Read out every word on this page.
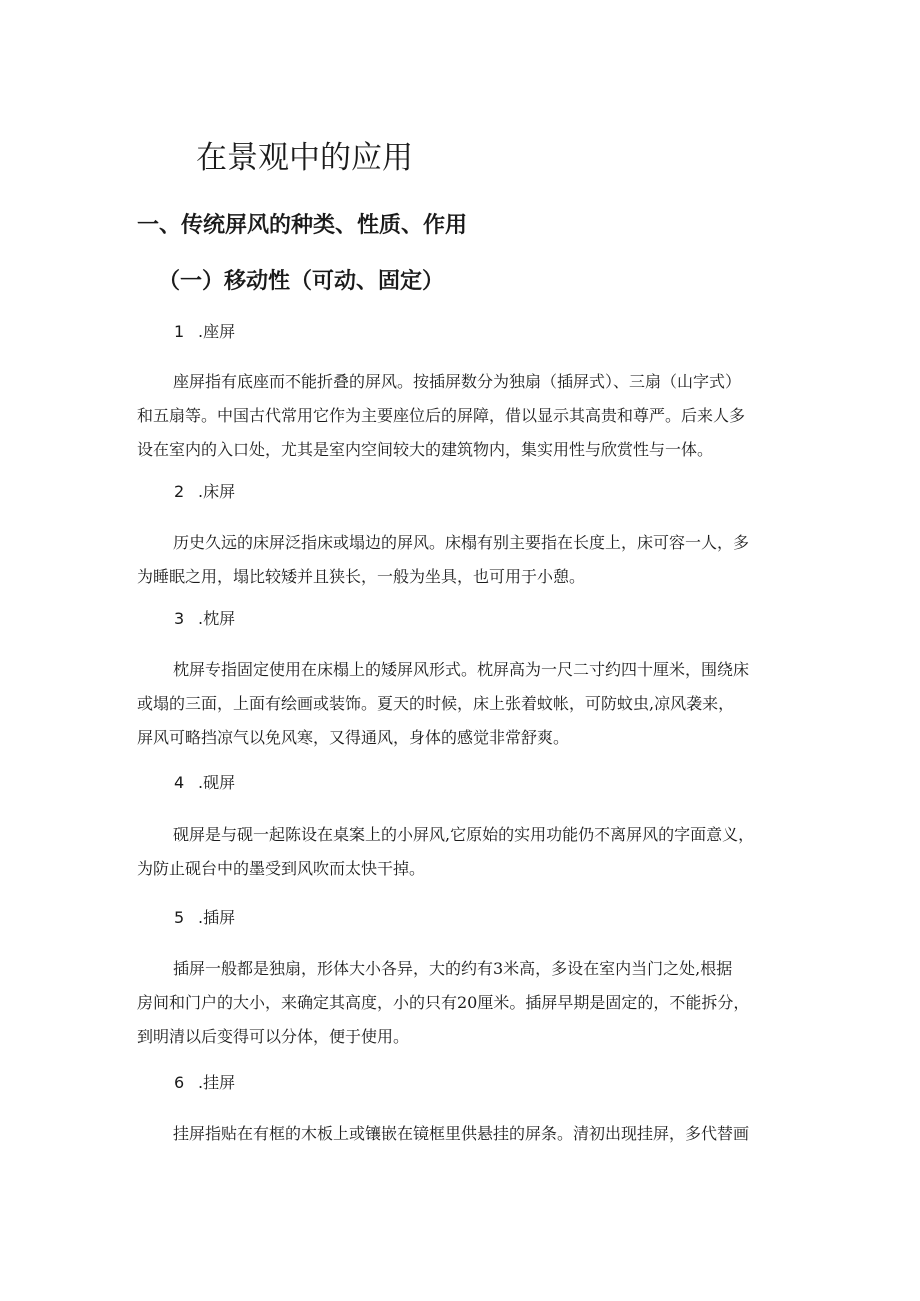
在景观中的应用
一、传统屏风的种类、性质、作用
（一）移动性（可动、固定）

1 .座屏

座屏指有底座而不能折叠的屏风。按插屏数分为独扇（插屏式）、三扇（山字式）
和五扇等。中国古代常用它作为主要座位后的屏障，借以显示其高贵和尊严。后来人多
设在室内的入口处，尤其是室内空间较大的建筑物内，集实用性与欣赏性与一体。

2 .床屏

历史久远的床屏泛指床或塌边的屏风。床榻有别主要指在长度上，床可容一人，多
为睡眠之用，塌比较矮并且狭长，一般为坐具，也可用于小憩。

3 .枕屏

枕屏专指固定使用在床榻上的矮屏风形式。枕屏高为一尺二寸约四十厘米，围绕床
或塌的三面，上面有绘画或装饰。夏天的时候，床上张着蚊帐，可防蚊虫,凉风袭来，
屏风可略挡凉气以免风寒，又得通风，身体的感觉非常舒爽。

4 .砚屏

砚屏是与砚一起陈设在桌案上的小屏风,它原始的实用功能仍不离屏风的字面意义，
为防止砚台中的墨受到风吹而太快干掉。

5 .插屏

插屏一般都是独扇，形体大小各异，大的约有3米高，多设在室内当门之处,根据
房间和门户的大小，来确定其高度，小的只有20厘米。插屏早期是固定的，不能拆分，
到明清以后变得可以分体，便于使用。

6 .挂屏

挂屏指贴在有框的木板上或镶嵌在镜框里供悬挂的屏条。清初出现挂屏，多代替画
